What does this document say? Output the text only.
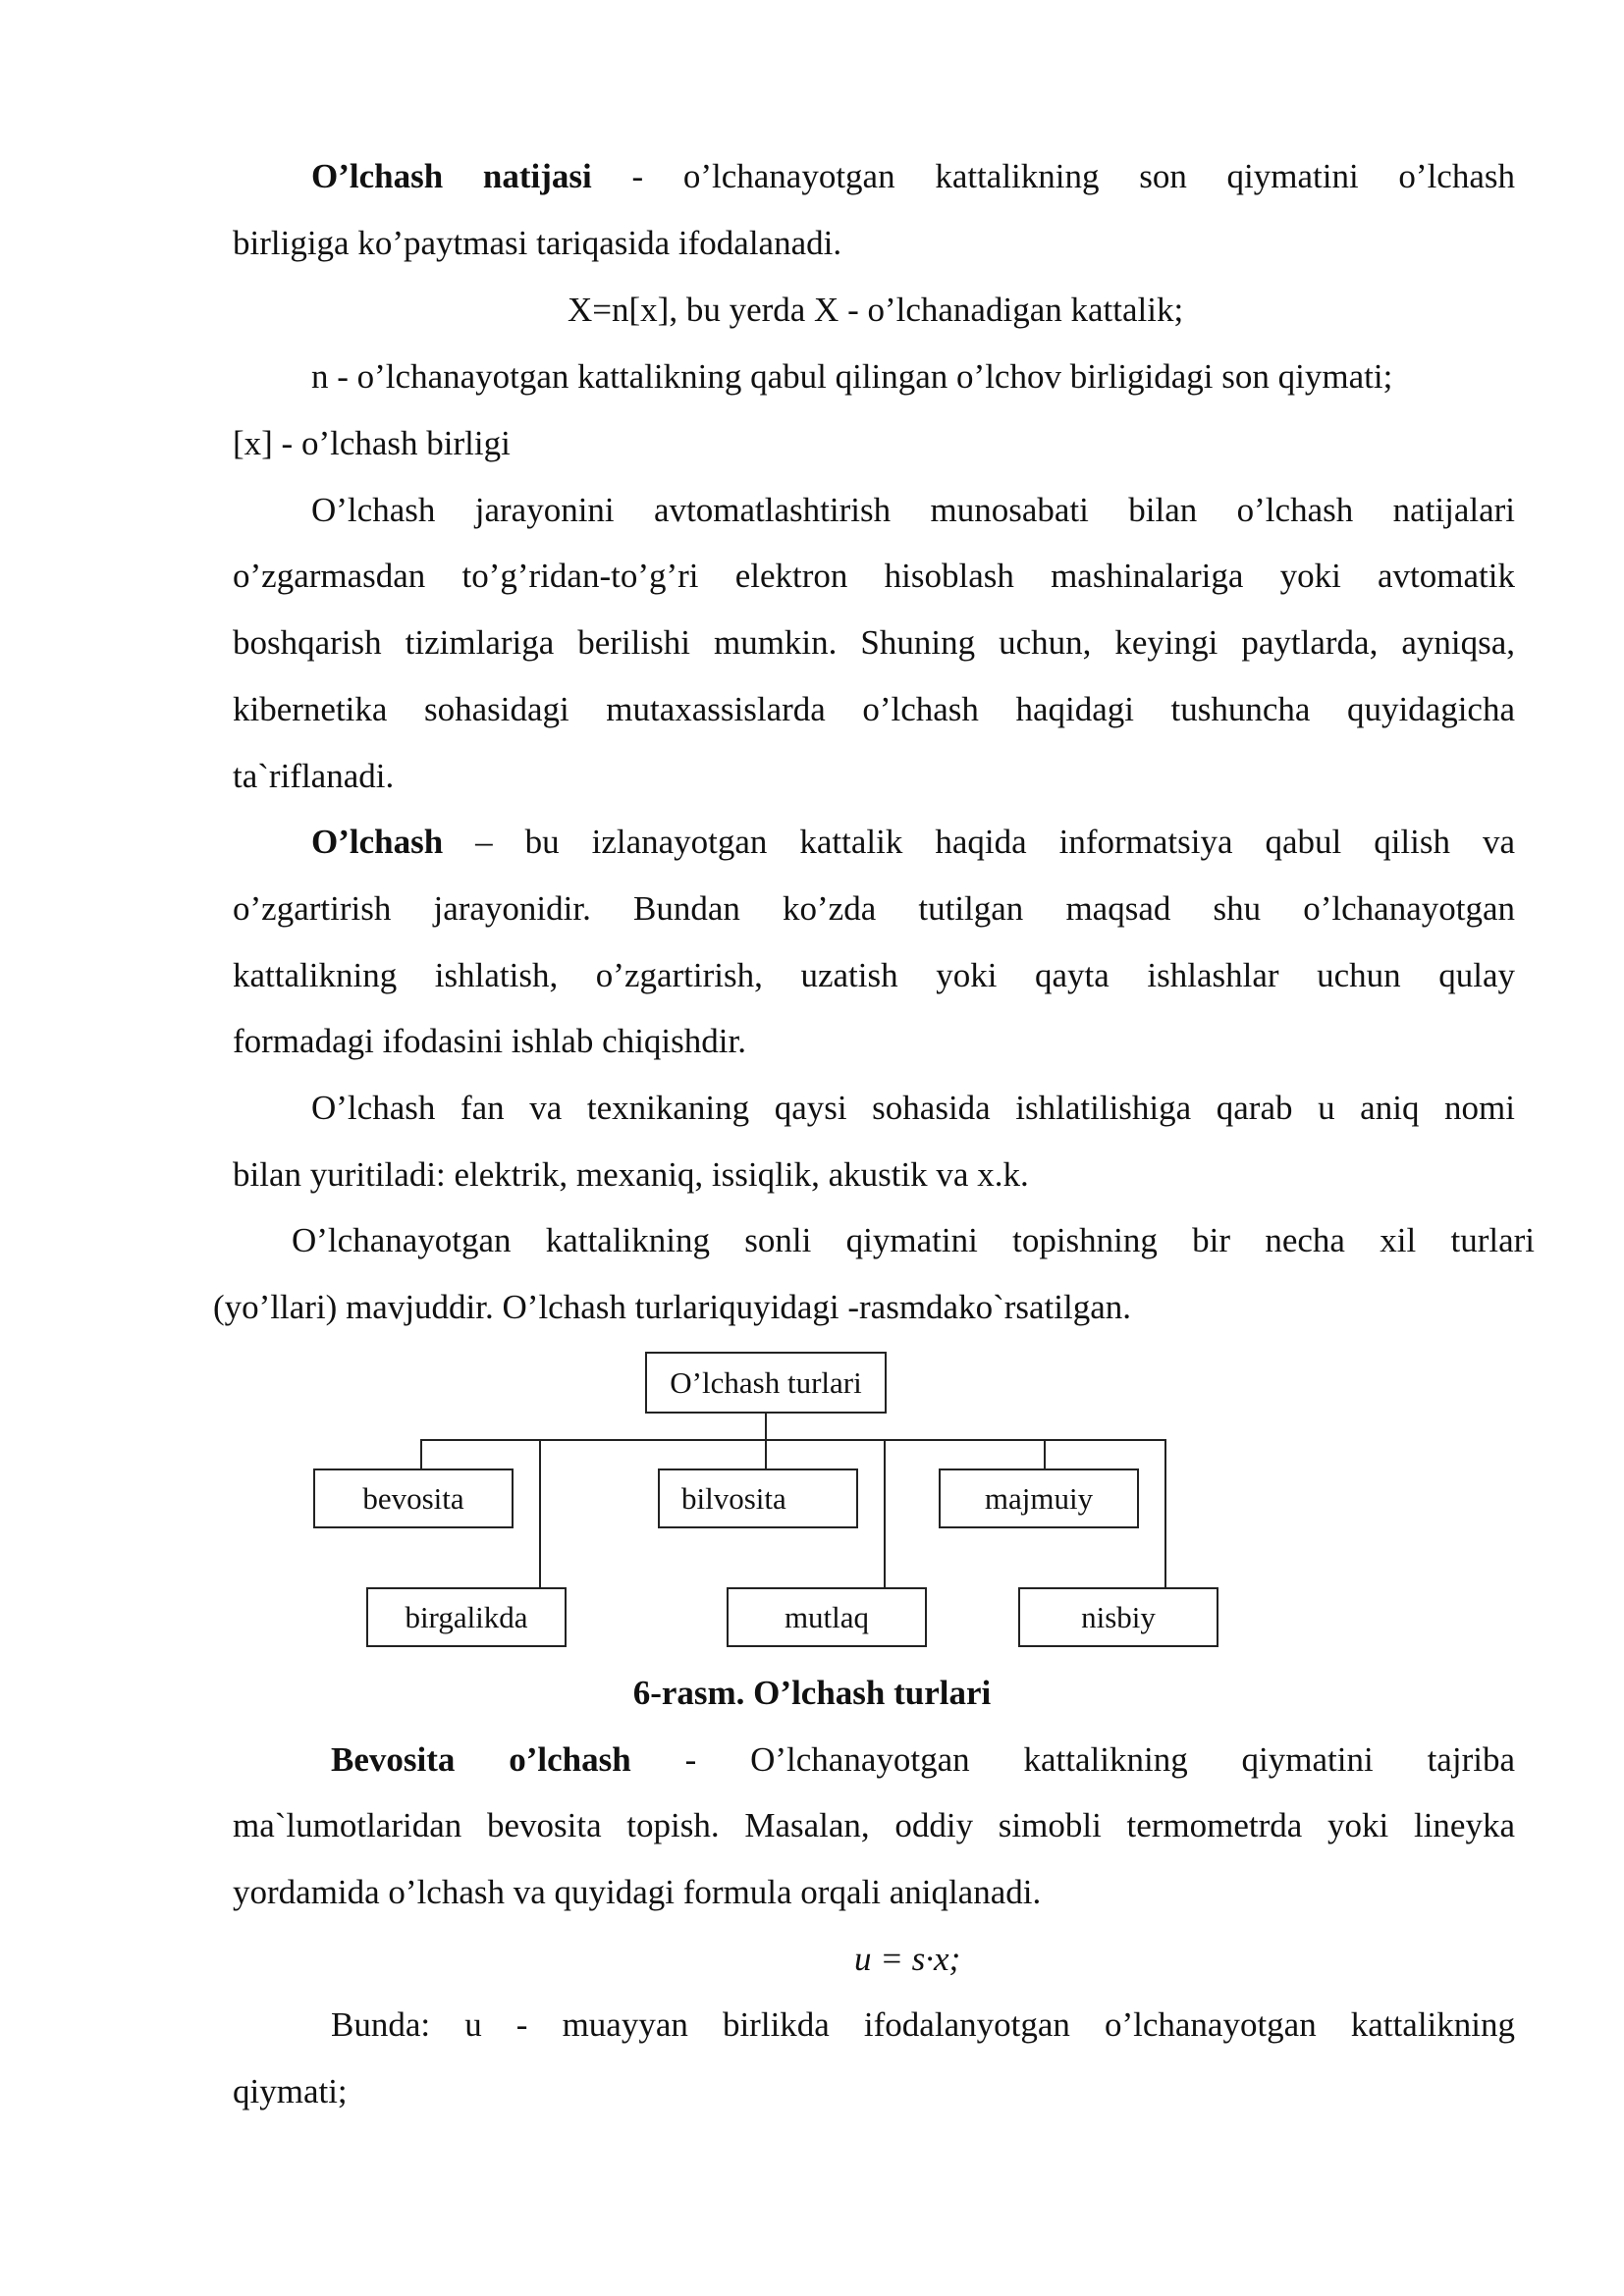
O’lchash natijasi - o’lchanayotgan kattalikning son qiymatini o’lchash
birligiga ko’paytmasi tariqasida ifodalanadi.
X=n[x], bu yerda X - o’lchanadigan kattalik;
n - o’lchanayotgan kattalikning qabul qilingan o’lchov birligidagi son qiymati;
[x] - o’lchash birligi
O’lchash jarayonini avtomatlashtirish munosabati bilan o’lchash natijalari
o’zgarmasdan to’g’ridan-to’g’ri elektron hisoblash mashinalariga yoki avtomatik
boshqarish tizimlariga berilishi mumkin. Shuning uchun, keyingi paytlarda, ayniqsa,
kibernetika sohasidagi mutaxassislarda o’lchash haqidagi tushuncha quyidagicha
ta`riflanadi.
O’lchash – bu izlanayotgan kattalik haqida informatsiya qabul qilish va
o’zgartirish jarayonidir. Bundan ko’zda tutilgan maqsad shu o’lchanayotgan
kattalikning ishlatish, o’zgartirish, uzatish yoki qayta ishlashlar uchun qulay
formadagi ifodasini ishlab chiqishdir.
O’lchash fan va texnikaning qaysi sohasida ishlatilishiga qarab u aniq nomi
bilan yuritiladi: elektrik, mexaniq, issiqlik, akustik va x.k.
O’lchanayotgan kattalikning sonli qiymatini topishning bir necha xil turlari
(yo’llari) mavjuddir. O’lchash turlariquyidagi -rasmdako`rsatilgan.
O’lchash turlari
bevosita	bilvosita	majmuiy
birgalikda	mutlaq	nisbiy
6-rasm. O’lchash turlari
Bevosita o’lchash - O’lchanayotgan kattalikning qiymatini tajriba
ma`lumotlaridan bevosita topish. Masalan, oddiy simobli termometrda yoki lineyka
yordamida o’lchash va quyidagi formula orqali aniqlanadi.
u = s·x;
Bunda: u - muayyan birlikda ifodalanyotgan o’lchanayotgan kattalikning
qiymati;
